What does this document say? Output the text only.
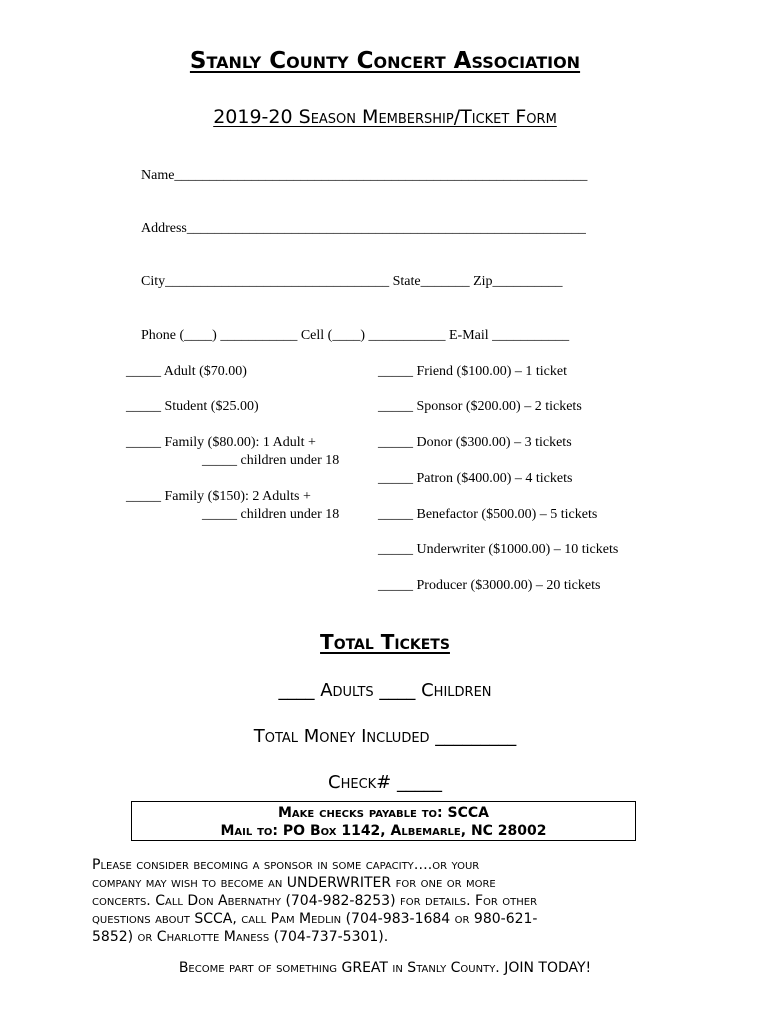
Stanly County Concert Association
2019-20 Season Membership/Ticket Form
Name___________________________________________________________
Address_________________________________________________________
City________________________________ State_______ Zip__________
Phone (____) ___________ Cell (____) ___________ E-Mail ___________
_____ Adult ($70.00)
_____ Student ($25.00)
_____ Family ($80.00): 1 Adult +
_____ children under 18
_____ Family ($150): 2 Adults +
_____ children under 18
_____ Friend ($100.00) – 1 ticket
_____ Sponsor ($200.00) – 2 tickets
_____ Donor ($300.00) – 3 tickets
_____ Patron ($400.00) – 4 tickets
_____ Benefactor ($500.00) – 5 tickets
_____ Underwriter ($1000.00) – 10 tickets
_____ Producer ($3000.00) – 20 tickets
Total Tickets
____ Adults ____ Children
Total Money Included _________
Check# _____
Make checks payable to: SCCA
Mail to: PO Box 1142, Albemarle, NC 28002
Please consider becoming a sponsor in some capacity….or your
company may wish to become an UNDERWRITER for one or more
concerts. Call Don Abernathy (704-982-8253) for details. For other
questions about SCCA, call Pam Medlin (704-983-1684 or 980-621-
5852) or Charlotte Maness (704-737-5301).
Become part of something GREAT in Stanly County. JOIN TODAY!
